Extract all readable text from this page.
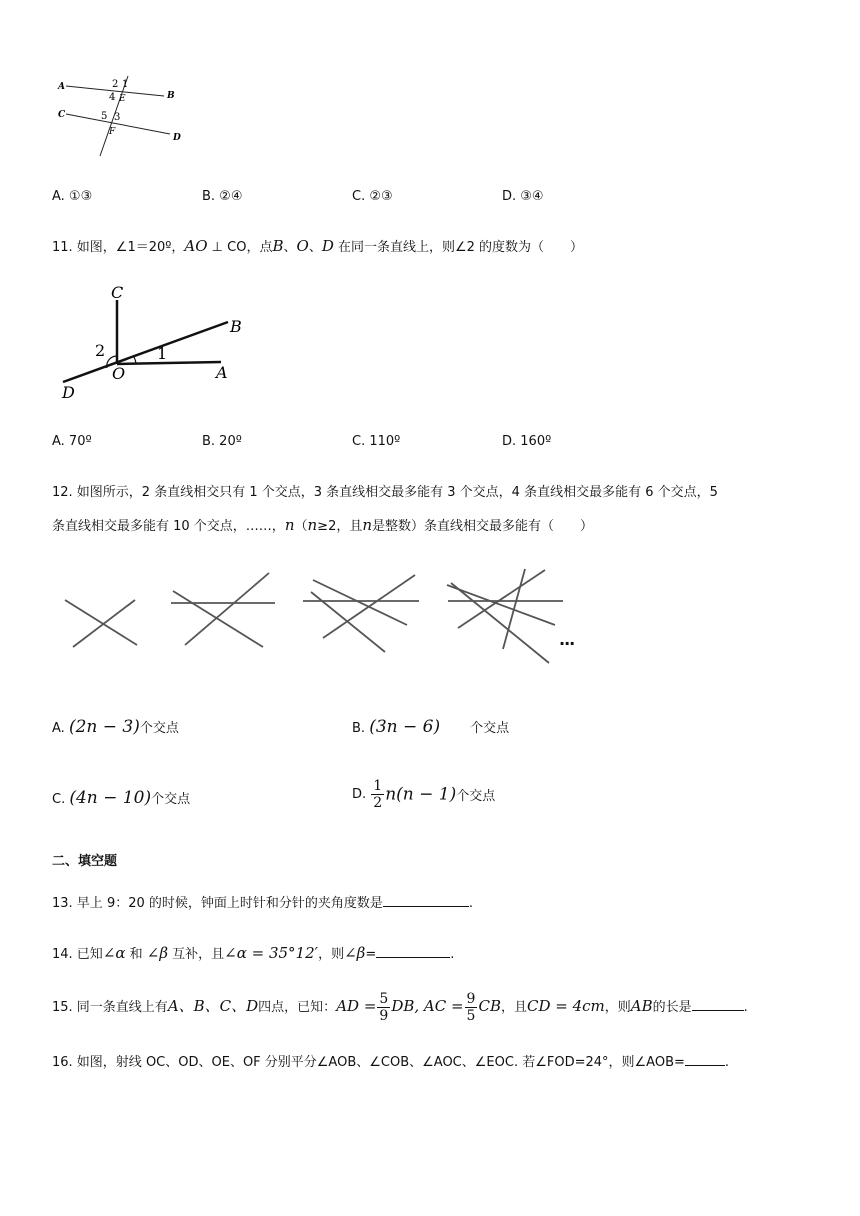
A
B
C
D
E
F
1
2
3
4
5
A. ①③	B. ②④	C. ②③	D. ③④
11. 如图，∠1＝20º，AO ⊥ CO，点B、O、D 在同一条直线上，则∠2 的度数为（　　）
C
B
2	1
O	A
D
A. 70º	B. 20º	C. 110º	D. 160º
12. 如图所示，2 条直线相交只有 1 个交点，3 条直线相交最多能有 3 个交点，4 条直线相交最多能有 6 个交点，5
条直线相交最多能有 10 个交点，……，n（n≥2，且n是整数）条直线相交最多能有（　　）
···
A. (2n − 3)个交点	B. (3n − 6) 个交点
C. (4n − 10)个交点	D. $\frac{1}{2} n(n - 1)$个交点
二、填空题
13. 早上 9：20 的时候，钟面上时针和分针的夹角度数是	.
14. 已知∠α 和 ∠β 互补，且∠α = 35°12′，则∠β=	.
15. 同一条直线上有A、B、C、D四点，已知：AD = $\frac{5}{9}$ DB, AC = $\frac{9}{5}$ CB，且CD = 4cm，则AB的长是	.
16. 如图，射线 OC、OD、OE、OF 分别平分∠AOB、∠COB、∠AOC、∠EOC. 若∠FOD=24°，则∠AOB=	.
